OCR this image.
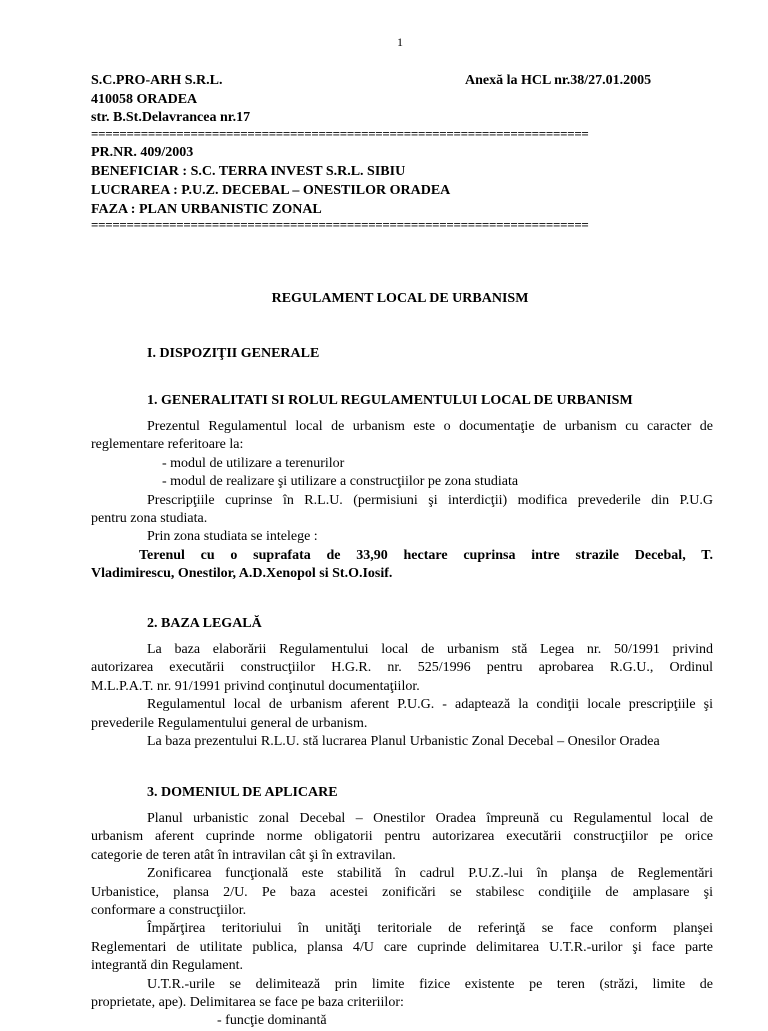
1
S.C.PRO-ARH S.R.L.
410058 ORADEA
str. B.St.Delavrancea nr.17
Anexă la HCL nr.38/27.01.2005
======================================================================
PR.NR. 409/2003
BENEFICIAR : S.C. TERRA INVEST S.R.L. SIBIU
LUCRAREA : P.U.Z. DECEBAL – ONESTILOR ORADEA
FAZA : PLAN URBANISTIC ZONAL
======================================================================
REGULAMENT LOCAL DE URBANISM
I. DISPOZIŢII GENERALE
1. GENERALITATI SI ROLUL REGULAMENTULUI LOCAL DE URBANISM

Prezentul Regulamentul local de urbanism este o documentaţie de urbanism cu caracter de

reglementare referitoare la:

- modul de utilizare a terenurilor

- modul de realizare şi utilizare a construcţiilor pe zona studiata

Prescripţiile cuprinse în R.L.U. (permisiuni şi interdicţii) modifica prevederile din P.U.G

pentru zona studiata.

Prin zona studiata se intelege :

Terenul cu o suprafata de 33,90 hectare cuprinsa intre strazile Decebal, T.

Vladimirescu, Onestilor, A.D.Xenopol si St.O.Iosif.

2. BAZA LEGALĂ

La baza elaborării Regulamentului local de urbanism stă Legea nr. 50/1991 privind

autorizarea executării construcţiilor H.G.R. nr. 525/1996 pentru aprobarea R.G.U., Ordinul

M.L.P.A.T. nr. 91/1991 privind conţinutul documentaţiilor.

Regulamentul local de urbanism aferent P.U.G. - adaptează la condiţii locale prescripţiile şi

prevederile Regulamentului general de urbanism.

La baza prezentului R.L.U. stă lucrarea Planul Urbanistic Zonal Decebal – Onesilor Oradea

3. DOMENIUL DE APLICARE

Planul urbanistic zonal Decebal – Onestilor Oradea împreună cu Regulamentul local de

urbanism aferent cuprinde norme obligatorii pentru autorizarea executării construcţiilor pe orice

categorie de teren atât în intravilan cât şi în extravilan.

Zonificarea funcţională este stabilită în cadrul P.U.Z.-lui în planşa de Reglementări

Urbanistice, plansa 2/U. Pe baza acestei zonificări se stabilesc condiţiile de amplasare şi

conformare a construcţiilor.

Împărţirea teritoriului în unităţi teritoriale de referinţă se face conform planşei

Reglementari de utilitate publica, plansa 4/U care cuprinde delimitarea U.T.R.-urilor şi face parte

integrantă din Regulament.

U.T.R.-urile se delimitează prin limite fizice existente pe teren (străzi, limite de

proprietate, ape). Delimitarea se face pe baza criteriilor:

- funcţie dominantă
